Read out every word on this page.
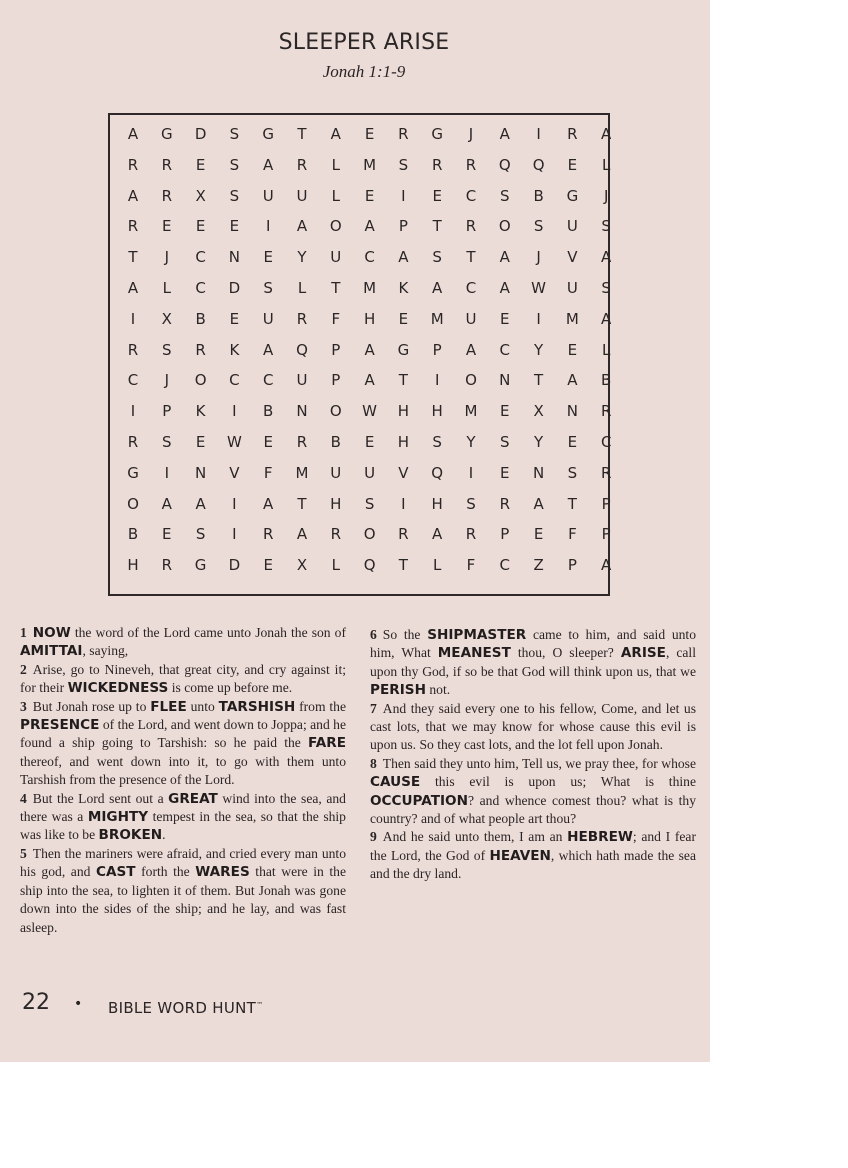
SLEEPER ARISE
Jonah 1:1-9
A	G	D	S	G	T	A	E	R	G	J	A	I	R	A
R	R	E	S	A	R	L	M	S	R	R	Q	Q	E	L
A	R	X	S	U	U	L	E	I	E	C	S	B	G	J
R	E	E	E	I	A	O	A	P	T	R	O	S	U	S
T	J	C	N	E	Y	U	C	A	S	T	A	J	V	A
A	L	C	D	S	L	T	M	K	A	C	A	W	U	S
I	X	B	E	U	R	F	H	E	M	U	E	I	M	A
R	S	R	K	A	Q	P	A	G	P	A	C	Y	E	L
C	J	O	C	C	U	P	A	T	I	O	N	T	A	B
I	P	K	I	B	N	O	W	H	H	M	E	X	N	R
R	S	E	W	E	R	B	E	H	S	Y	S	Y	E	C
G	I	N	V	F	M	U	U	V	Q	I	E	N	S	R
O	A	A	I	A	T	H	S	I	H	S	R	A	T	P
B	E	S	I	R	A	R	O	R	A	R	P	E	F	P
H	R	G	D	E	X	L	Q	T	L	F	C	Z	P	A

1 NOW the word of the Lord came unto Jonah the son of AMITTAI, saying,

2 Arise, go to Nineveh, that great city, and cry against it; for their WICKEDNESS is come up before me.

3 But Jonah rose up to FLEE unto TARSHISH from the PRESENCE of the Lord, and went down to Joppa; and he found a ship going to Tarshish: so he paid the FARE thereof, and went down into it, to go with them unto Tarshish from the presence of the Lord.

4 But the Lord sent out a GREAT wind into the sea, and there was a MIGHTY tempest in the sea, so that the ship was like to be BROKEN.

5 Then the mariners were afraid, and cried every man unto his god, and CAST forth the WARES that were in the ship into the sea, to lighten it of them. But Jonah was gone down into the sides of the ship; and he lay, and was fast asleep.

6 So the SHIPMASTER came to him, and said unto him, What MEANEST thou, O sleeper? ARISE, call upon thy God, if so be that God will think upon us, that we PERISH not.

7 And they said every one to his fellow, Come, and let us cast lots, that we may know for whose cause this evil is upon us. So they cast lots, and the lot fell upon Jonah.

8 Then said they unto him, Tell us, we pray thee, for whose CAUSE this evil is upon us; What is thine OCCUPATION? and whence comest thou? what is thy country? and of what people art thou?

9 And he said unto them, I am an HEBREW; and I fear the Lord, the God of HEAVEN, which hath made the sea and the dry land.

22 • BIBLE WORD HUNT™
